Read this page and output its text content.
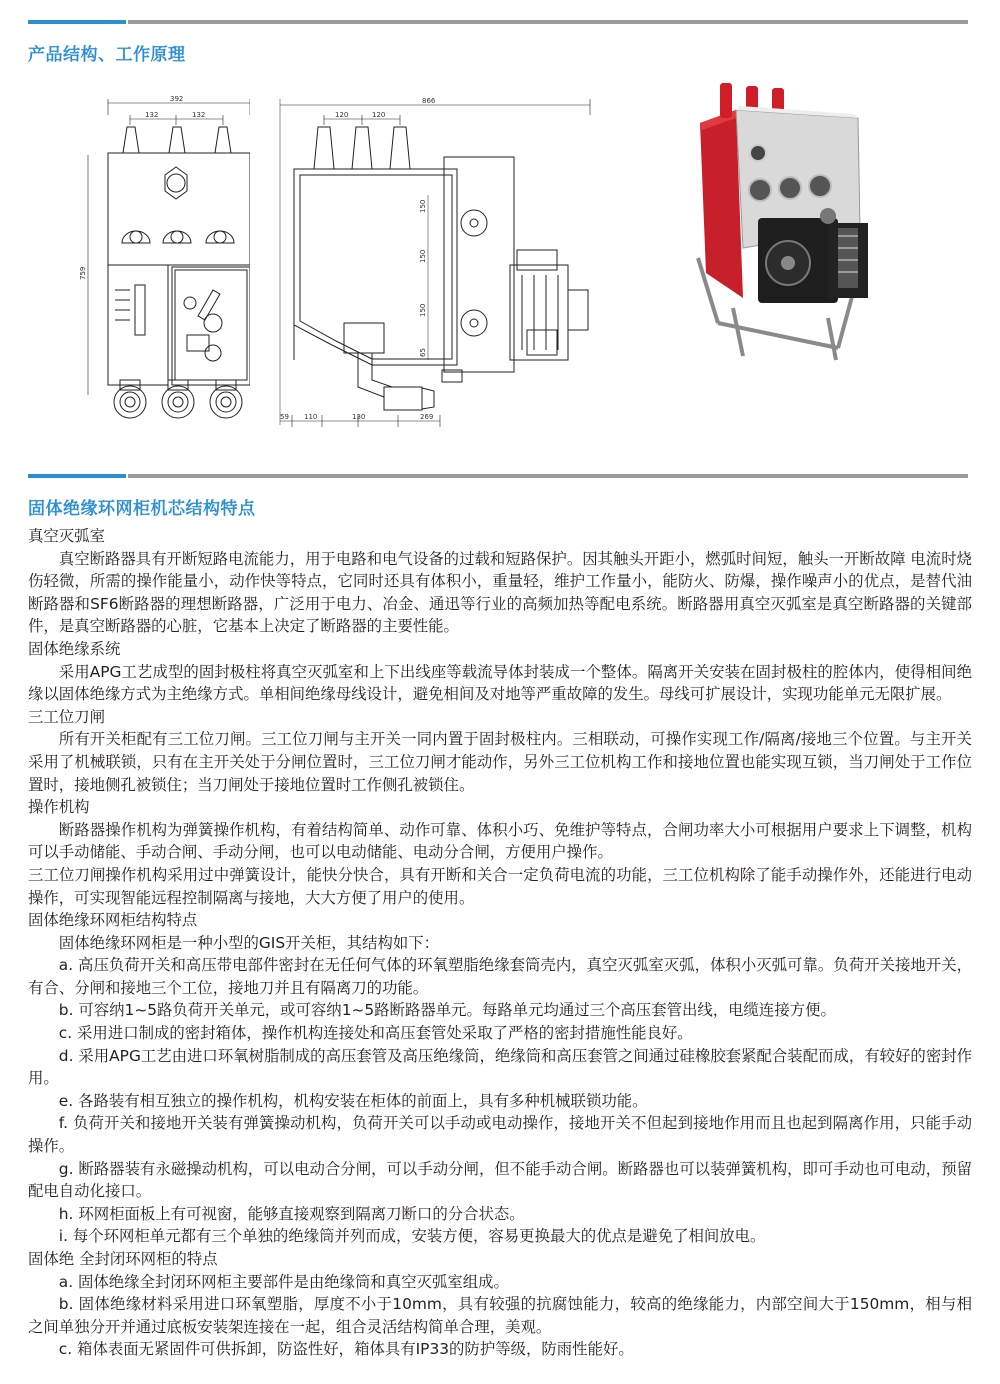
产品结构、工作原理
392
132	132
759
866
120	120
150
150
150
65
59 110	130	269
固体绝缘环网柜机芯结构特点

真空灭弧室

真空断路器具有开断短路电流能力，用于电路和电气设备的过载和短路保护。因其触头开距小，燃弧时间短，触头一开断故障 电流时烧伤轻微，所需的操作能量小，动作快等特点，它同时还具有体积小，重量轻，维护工作量小，能防火、防爆，操作噪声小的优点，是替代油断路器和SF6断路器的理想断路器，广泛用于电力、冶金、通迅等行业的高频加热等配电系统。断路器用真空灭弧室是真空断路器的关键部件，是真空断路器的心脏，它基本上决定了断路器的主要性能。

固体绝缘系统

采用APG工艺成型的固封极柱将真空灭弧室和上下出线座等载流导体封装成一个整体。隔离开关安装在固封极柱的腔体内，使得相间绝缘以固体绝缘方式为主绝缘方式。单相间绝缘母线设计，避免相间及对地等严重故障的发生。母线可扩展设计，实现功能单元无限扩展。

三工位刀闸

所有开关柜配有三工位刀闸。三工位刀闸与主开关一同内置于固封极柱内。三相联动，可操作实现工作/隔离/接地三个位置。与主开关采用了机械联锁，只有在主开关处于分闸位置时，三工位刀闸才能动作，另外三工位机构工作和接地位置也能实现互锁，当刀闸处于工作位置时，接地侧孔被锁住；当刀闸处于接地位置时工作侧孔被锁住。

操作机构

断路器操作机构为弹簧操作机构，有着结构简单、动作可靠、体积小巧、免维护等特点，合闸功率大小可根据用户要求上下调整，机构可以手动储能、手动合闸、手动分闸，也可以电动储能、电动分合闸，方便用户操作。

三工位刀闸操作机构采用过中弹簧设计，能快分快合，具有开断和关合一定负荷电流的功能，三工位机构除了能手动操作外，还能进行电动操作，可实现智能远程控制隔离与接地，大大方便了用户的使用。

固体绝缘环网柜结构特点

固体绝缘环网柜是一种小型的GIS开关柜，其结构如下：

a. 高压负荷开关和高压带电部件密封在无任何气体的环氧塑脂绝缘套筒壳内，真空灭弧室灭弧，体积小灭弧可靠。负荷开关接地开关，有合、分闸和接地三个工位，接地刀并且有隔离刀的功能。

b. 可容纳1~5路负荷开关单元，或可容纳1~5路断路器单元。每路单元均通过三个高压套管出线，电缆连接方便。

c. 采用进口制成的密封箱体，操作机构连接处和高压套管处采取了严格的密封措施性能良好。

d. 采用APG工艺由进口环氧树脂制成的高压套管及高压绝缘筒，绝缘筒和高压套管之间通过硅橡胶套紧配合装配而成，有较好的密封作用。

e. 各路装有相互独立的操作机构，机构安装在柜体的前面上，具有多种机械联锁功能。

f. 负荷开关和接地开关装有弹簧操动机构，负荷开关可以手动或电动操作，接地开关不但起到接地作用而且也起到隔离作用，只能手动操作。

g. 断路器装有永磁操动机构，可以电动合分闸，可以手动分闸，但不能手动合闸。断路器也可以装弹簧机构，即可手动也可电动，预留配电自动化接口。

h. 环网柜面板上有可视窗，能够直接观察到隔离刀断口的分合状态。

i. 每个环网柜单元都有三个单独的绝缘筒并列而成，安装方便，容易更换最大的优点是避免了相间放电。

固体绝 全封闭环网柜的特点

a. 固体绝缘全封闭环网柜主要部件是由绝缘筒和真空灭弧室组成。

b. 固体绝缘材料采用进口环氧塑脂，厚度不小于10mm，具有较强的抗腐蚀能力，较高的绝缘能力，内部空间大于150mm，相与相之间单独分开并通过底板安装架连接在一起，组合灵活结构简单合理，美观。

c. 箱体表面无紧固件可供拆卸，防盗性好，箱体具有IP33的防护等级，防雨性能好。
